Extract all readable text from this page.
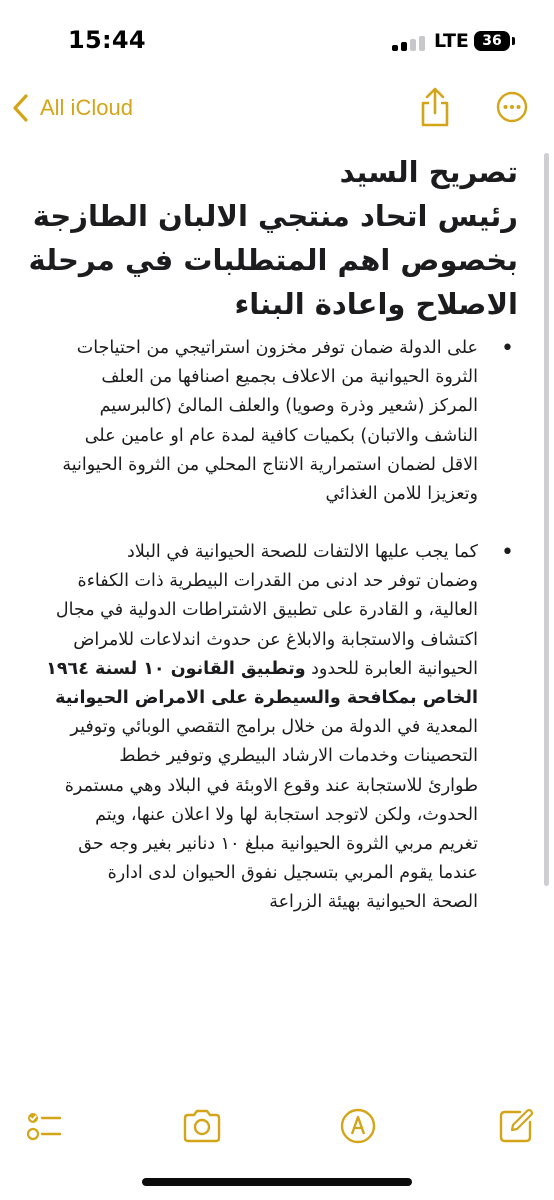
15:44	LTE 36
All iCloud
تصريح السيد
رئيس اتحاد منتجي الالبان الطازجة
بخصوص اهم المتطلبات في مرحلة
الاصلاح واعادة البناء
• على الدولة ضمان توفر مخزون استراتيجي من احتياجات
الثروة الحيوانية من الاعلاف بجميع اصنافها من العلف
المركز (شعير وذرة وصويا) والعلف المالئ (كالبرسيم
الناشف والاتبان) بكميات كافية لمدة عام او عامين على
الاقل لضمان استمرارية الانتاج المحلي من الثروة الحيوانية
وتعزيزا للامن الغذائي
• كما يجب عليها الالتفات للصحة الحيوانية في البلاد
وضمان توفر حد ادنى من القدرات البيطرية ذات الكفاءة
العالية، و القادرة على تطبيق الاشتراطات الدولية في مجال
اكتشاف والاستجابة والابلاغ عن حدوث اندلاعات للامراض
الحيوانية العابرة للحدود وتطبيق القانون ١٠ لسنة ١٩٦٤
الخاص بمكافحة والسيطرة على الامراض الحيوانية
المعدية في الدولة من خلال برامج التقصي الوبائي وتوفير
التحصينات وخدمات الارشاد البيطري وتوفير خطط
طوارئ للاستجابة عند وقوع الاوبئة في البلاد وهي مستمرة
الحدوث، ولكن لاتوجد استجابة لها ولا اعلان عنها، ويتم
تغريم مربي الثروة الحيوانية مبلغ ١٠ دنانير بغير وجه حق
عندما يقوم المربي بتسجيل نفوق الحيوان لدى ادارة
الصحة الحيوانية بهيئة الزراعة
